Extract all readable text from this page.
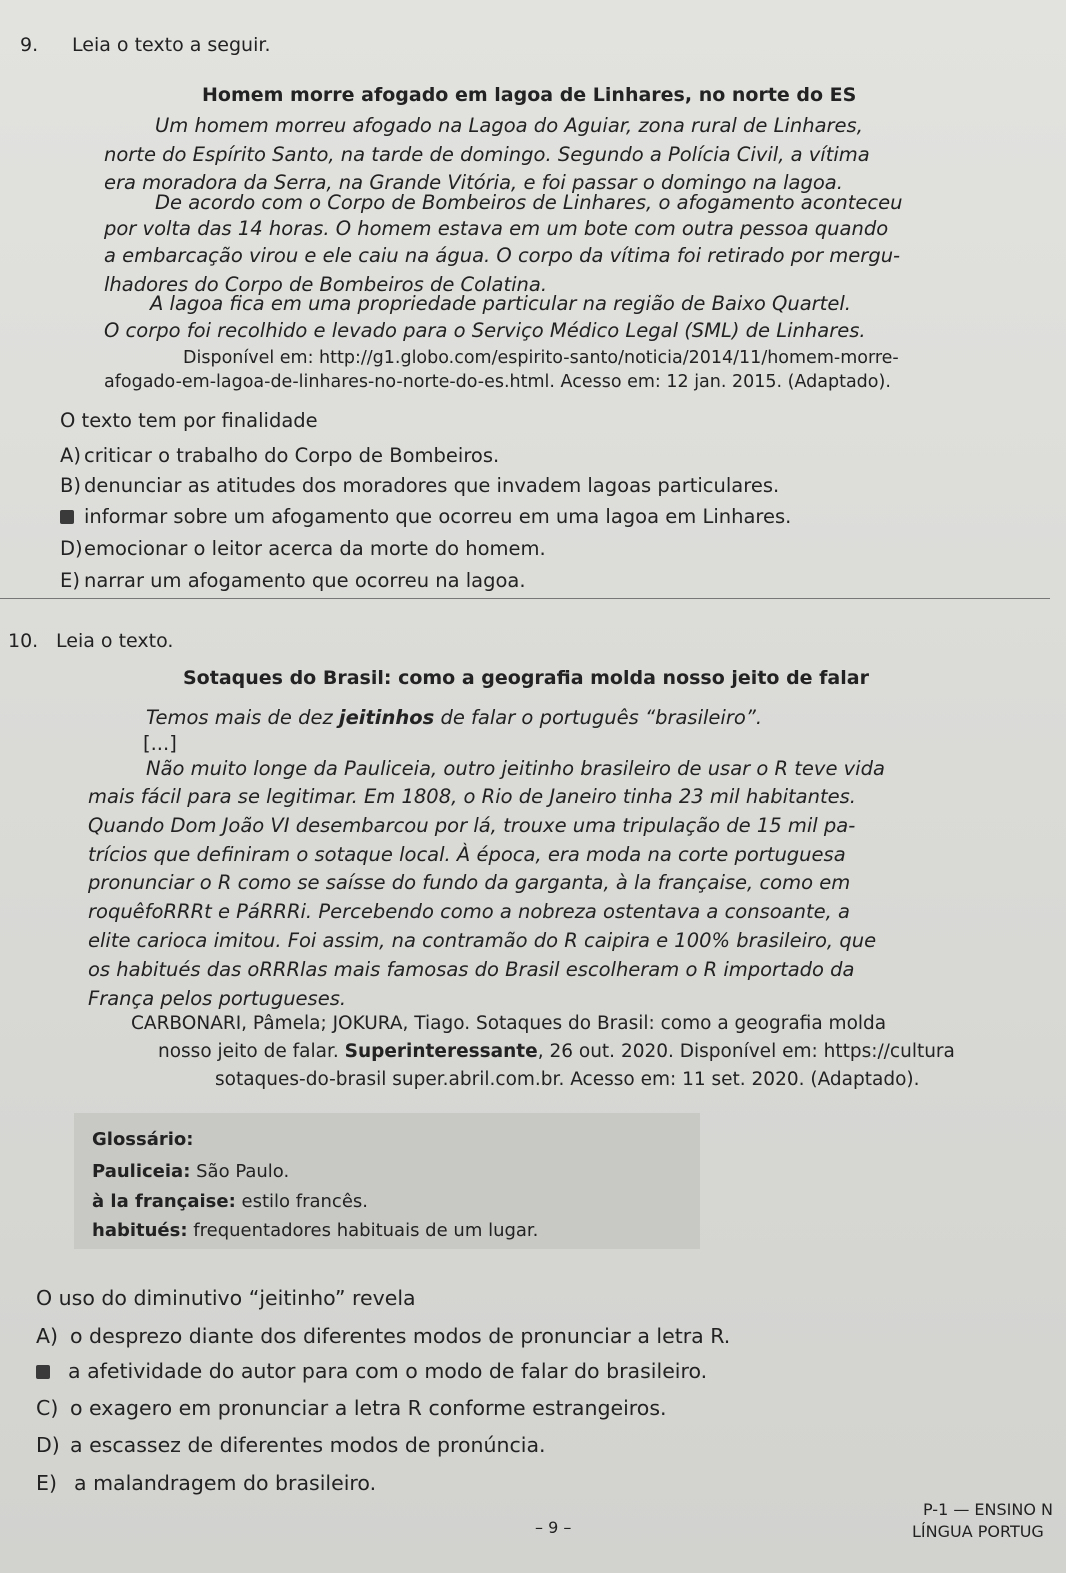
9. Leia o texto a seguir.
Homem morre afogado em lagoa de Linhares, no norte do ES
Um homem morreu afogado na Lagoa do Aguiar, zona rural de Linhares,
norte do Espírito Santo, na tarde de domingo. Segundo a Polícia Civil, a vítima
era moradora da Serra, na Grande Vitória, e foi passar o domingo na lagoa.
De acordo com o Corpo de Bombeiros de Linhares, o afogamento aconteceu
por volta das 14 horas. O homem estava em um bote com outra pessoa quando
a embarcação virou e ele caiu na água. O corpo da vítima foi retirado por mergu-
lhadores do Corpo de Bombeiros de Colatina.
A lagoa fica em uma propriedade particular na região de Baixo Quartel.
O corpo foi recolhido e levado para o Serviço Médico Legal (SML) de Linhares.
Disponível em: http://g1.globo.com/espirito-santo/noticia/2014/11/homem-morre-
afogado-em-lagoa-de-linhares-no-norte-do-es.html. Acesso em: 12 jan. 2015. (Adaptado).
O texto tem por finalidade
A) criticar o trabalho do Corpo de Bombeiros.
B) denunciar as atitudes dos moradores que invadem lagoas particulares.
informar sobre um afogamento que ocorreu em uma lagoa em Linhares.
D)emocionar o leitor acerca da morte do homem.
E) narrar um afogamento que ocorreu na lagoa.
10. Leia o texto.
Sotaques do Brasil: como a geografia molda nosso jeito de falar
Temos mais de dez jeitinhos de falar o português “brasileiro”.
[...]
Não muito longe da Pauliceia, outro jeitinho brasileiro de usar o R teve vida
mais fácil para se legitimar. Em 1808, o Rio de Janeiro tinha 23 mil habitantes.
Quando Dom João VI desembarcou por lá, trouxe uma tripulação de 15 mil pa-
trícios que definiram o sotaque local. À época, era moda na corte portuguesa
pronunciar o R como se saísse do fundo da garganta, à la française, como em
roquêfoRRRt e PáRRRi. Percebendo como a nobreza ostentava a consoante, a
elite carioca imitou. Foi assim, na contramão do R caipira e 100% brasileiro, que
os habitués das oRRRlas mais famosas do Brasil escolheram o R importado da
França pelos portugueses.
CARBONARI, Pâmela; JOKURA, Tiago. Sotaques do Brasil: como a geografia molda
nosso jeito de falar. Superinteressante, 26 out. 2020. Disponível em: https://cultura
sotaques-do-brasil super.abril.com.br. Acesso em: 11 set. 2020. (Adaptado).
Glossário:
Pauliceia: São Paulo.
à la française: estilo francês.
habitués: frequentadores habituais de um lugar.
O uso do diminutivo “jeitinho” revela
A) o desprezo diante dos diferentes modos de pronunciar a letra R.
a afetividade do autor para com o modo de falar do brasileiro.
C) o exagero em pronunciar a letra R conforme estrangeiros.
D) a escassez de diferentes modos de pronúncia.
E) a malandragem do brasileiro.
– 9 –
P-1 — ENSINO N
LÍNGUA PORTUG
